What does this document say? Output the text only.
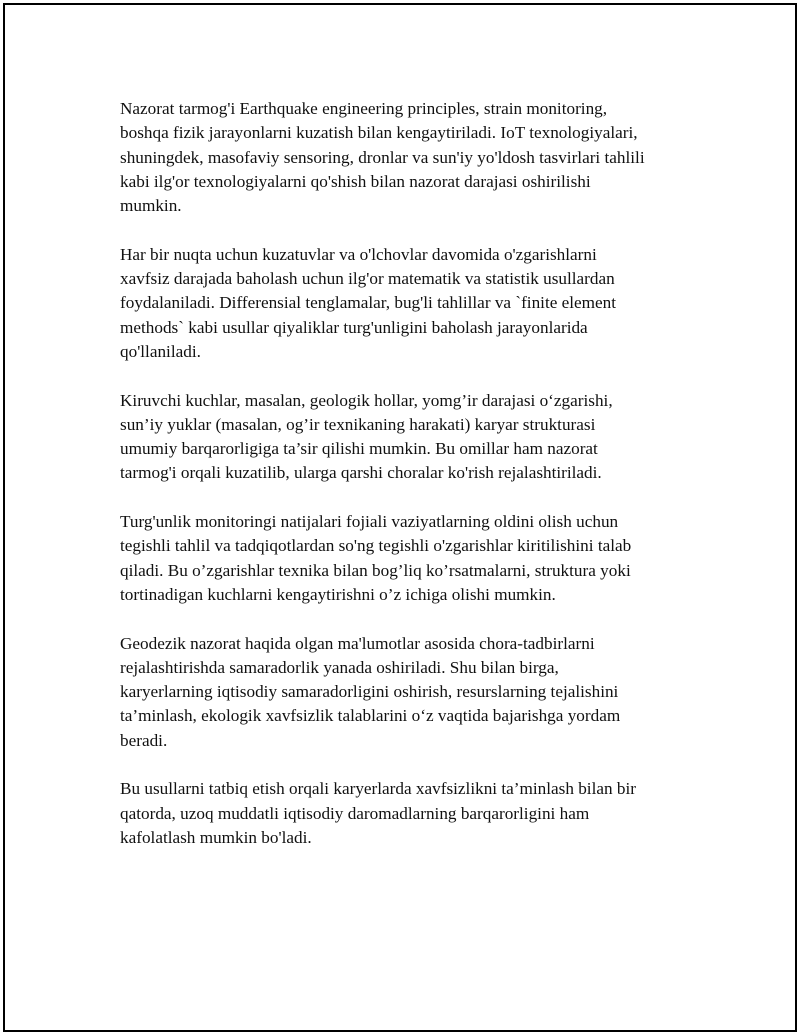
Nazorat tarmog'i Earthquake engineering principles, strain monitoring,
boshqa fizik jarayonlarni kuzatish bilan kengaytiriladi. IoT texnologiyalari,
shuningdek, masofaviy sensoring, dronlar va sun'iy yo'ldosh tasvirlari tahlili
kabi ilg'or texnologiyalarni qo'shish bilan nazorat darajasi oshirilishi
mumkin.

Har bir nuqta uchun kuzatuvlar va o'lchovlar davomida o'zgarishlarni
xavfsiz darajada baholash uchun ilg'or matematik va statistik usullardan
foydalaniladi. Differensial tenglamalar, bug'li tahlillar va `finite element
methods` kabi usullar qiyaliklar turg'unligini baholash jarayonlarida
qo'llaniladi.

Kiruvchi kuchlar, masalan, geologik hollar, yomg’ir darajasi o‘zgarishi,
sun’iy yuklar (masalan, og’ir texnikaning harakati) karyar strukturasi
umumiy barqarorligiga ta’sir qilishi mumkin. Bu omillar ham nazorat
tarmog'i orqali kuzatilib, ularga qarshi choralar ko'rish rejalashtiriladi.

Turg'unlik monitoringi natijalari fojiali vaziyatlarning oldini olish uchun
tegishli tahlil va tadqiqotlardan so'ng tegishli o'zgarishlar kiritilishini talab
qiladi. Bu o’zgarishlar texnika bilan bog’liq ko’rsatmalarni, struktura yoki
tortinadigan kuchlarni kengaytirishni o’z ichiga olishi mumkin.

Geodezik nazorat haqida olgan ma'lumotlar asosida chora-tadbirlarni
rejalashtirishda samaradorlik yanada oshiriladi. Shu bilan birga,
karyerlarning iqtisodiy samaradorligini oshirish, resurslarning tejalishini
ta’minlash, ekologik xavfsizlik talablarini o‘z vaqtida bajarishga yordam
beradi.

Bu usullarni tatbiq etish orqali karyerlarda xavfsizlikni ta’minlash bilan bir
qatorda, uzoq muddatli iqtisodiy daromadlarning barqarorligini ham
kafolatlash mumkin bo'ladi.
